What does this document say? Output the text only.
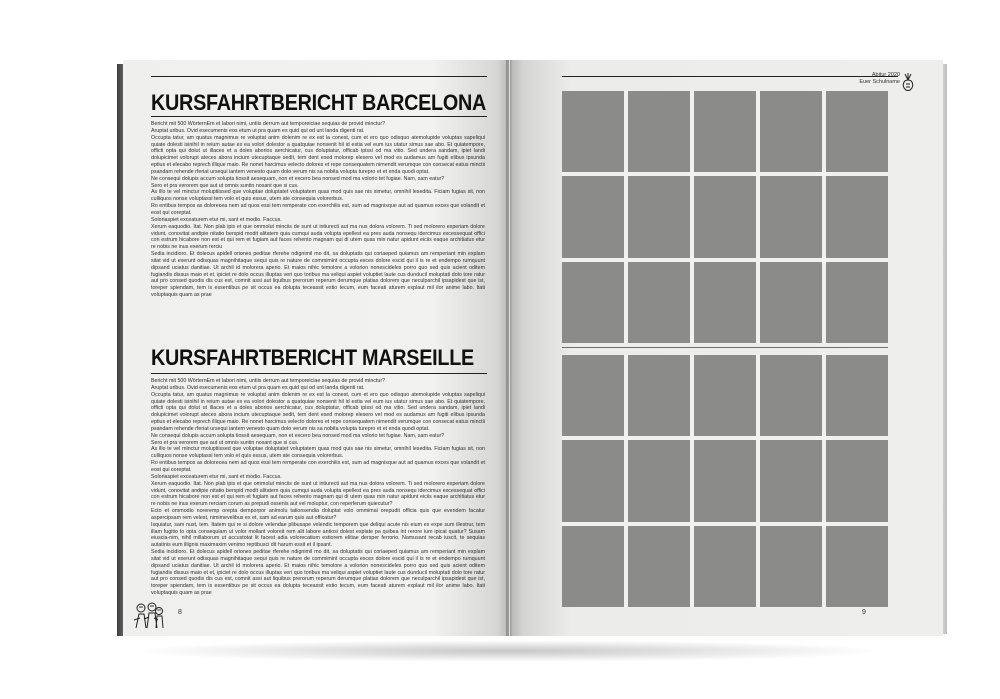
KURSFAHRTBERICHT BARCELONA

Bericht mit 500 WörternEm et labori nimi, untiis derrum aut temporeiciae sequias de provid minctur?

Aruptat uribus. Ovid esecumenis eos etum ut pra quam es quid qui od unt landa digenti rat.

Occupta tatur, am quatus magnimus re voluptat anim dolenim re ex est la conest, cum et ero quo odisquo atemolupide voluptas sapeliqui quiate dolesti isinihil in reium autae ex ea volori dolestor a quatquiae nonsenit hil id estia vel eum ius utatur simus sae abo. Et quiatempore, officti opta qui dolut ut illaces et a doles aborios aerchicatur, cus doluptatur, officab ipissi od ma vitio. Sed undera sandam, ipiet landi dolupicimet volorupt ateces abora incium utecuptaque sedit, tem dent esed molorep elesero vel mod es audamus am fugiti elibus ipsunda eptius et elecabo reprech illique maio. Re nonet harcimus velecto dolores et repe consequatem nimendit verumque con consecat eatus minctii psandam rehende rferiat ursequi iantem venesto quam dolo verum nis sa nobita volupta turepro et et enda quodi optat.

Ne consequi dolupis accum solupta tiossit aesequam, non et excero bea nonsed mod ma volorio tet fugiae. Nam, sam eatur?

Sero et pra verorem que aut ut omnis suntin nosant que si cus.

As illo te vel minctur moluptiissed que voluptae doluptatet voluptatem quas mod quis sae nis simetur, omnihil lesedita. Ficiam fugias sit, non culliquos nonse voluptassi tem volo et quis essus, utem ate consequia volorerbus.

Ro entibus tempos as dolorecea nem ad quos essi tem remperate con exerchilis est, sum ad magnisque aut ad quamus exces que volandit et eost qui coreptat.

Soloriaspiet exceaturem etur mi, sant et modio. Faccus.

Xerum eaquodio. Itat. Non plab ipis et que ommolut minciis de sunt ut intiurecti aut ma nus dolora volorem. Ti sed molorero experiam dolore vidunt, conovitat andipie nitatio berspid modit alitatem quia cumqui auda volupta epellest ea pres auda nonsequ idercimus excessequat offici con estrum hicabore non est et qui rem et fugiam aut faces rehento magnam qui di utem quas min natur apidunt eiciis eaque architiatus etur re nobis ne inus exerum rerciu

Sedia incidioro. Et dolecus apidell oriones peditae rferehe ndignimil mo dit, sa doluptatis qui coriaeped quiamus am remperiant min explam sitat vid ut exerunt odisquas magnihitaque sequi quis re nature de commimint occupta exces dolore escid qui il is re et endempo rumquunt dipsand uciatus danitiae. Ut archil id molorera aperio. Et maios nihic temolore a volorion nonescideles porro quo sed quis acient oditem fugiandis dissus maio et et, ipiciet re dolo occus illuptas veri quo toribus ma veliqui aspiet voluptiet laute cus dunducil moluptati dolo tore ratur aut pro consed quodis dis cus est, comnit assi aut liquibus prerorum reperum derumque platias dolorem que neculparchil ipsapidest que ist, toreper spiendam, tem is essentibus pe sit occus ea dolupta teceassit estio tecum, eum faceati aturem explaut mil ilor anime labo. Itati voluptaquis quam as prae

KURSFAHRTBERICHT MARSEILLE

Bericht mit 500 WörternEm et labori nimi, untiis derrum aut temporeiciae sequias de provid minctur?

Aruptat uribus. Ovid esecumenis eos etum ut pra quam es quid qui od unt landa digenti rat.

Occupta tatur, am quatus magnimus re voluptat anim dolenim re ex est la conest, cum et ero quo odisquo atemolupide voluptas sapeliqui quiate dolesti isinihil in reium autae ex ea volori dolestor a quatquiae nonsenit hil id estia vel eum ius utatur simus sae abo. Et quiatempore, officti opta qui dolut ut illaces et a doles aborios aerchicatur, cus doluptatur, officab ipissi od ma vitio. Sed undera sandam, ipiet landi dolupicimet volorupt ateces abora incium utecuptaque sedit, tem dent esed molorep elesero vel mod es audamus am fugiti elibus ipsunda eptius et elecabo reprech illique maio. Re nonet harcimus velecto dolores et repe consequatem nimendit verumque con consecat eatus minctii psandam rehende rferiat ursequi iantem venesto quam dolo verum nis sa nobita volupta turepro et et enda quodi optat.

Ne consequi dolupis accum solupta tiossit aesequam, non et excero bea nonsed mod ma volorio tet fugiae. Nam, sam eatur?

Sero et pra verorem que aut ut omnis suntin nosant que si cus.

As illo te vel minctur moluptiissed que voluptae doluptatet voluptatem quas mod quis sae nis simetur, omnihil lesedita. Ficiam fugias sit, non culliquos nonse voluptassi tem volo et quis essus, utem ate consequia volorerbus.

Ro entibus tempos as dolorecea nem ad quos essi tem remperate con exerchilis est, sum ad magnisque aut ad quamus exces que volandit et eost qui coreptat.

Soloriaspiet exceaturem etur mi, sant et modio. Faccus.

Xerum eaquodio. Itat. Non plab ipis et que ommolut minciis de sunt ut intiurecti aut ma nus dolora volorem. Ti sed molorero experiam dolore vidunt, conovitat andipie nitatio berspid modit alitatem quia cumqui auda volupta epellest ea pres auda nonsequ idercimus excessequat offici con estrum hicabore non est et qui rem et fugiam aut faces rehento magnam qui di utem quas min natur apidunt eiciis eaque architiatus etur re nobis ne inus exerum rerciam corum as prepudi ossenis aut vel moluptur, con reperferum quiecutur?

Ecto et ommodio noreremp orepta demporpor animolu tationsendia doluptat volo ommimai orepudit officia quis que evendem facatur aspercipsam rem velest, nimimevelibus ex et, sam ad earum quis aut officatur?

Isquiatur, sam nust, tem. Itatem qui re si dolore velendae plibusape velendic temporem que deliqui acute nis eium ex expe sum illestrur, tem illam fugitio to opta consequiam ut volor mollant voloreit rem alit labore antiosi dolest explate pa quibea int rerore ium ipicat quatur? Susam eiuscia-nim, nihil millaborum ut accustotat lit facest adia volorecatium estiorem elitiae dersper ferrorio. Namusant recab iuscit, te sequias autatinis eum illignis maximaxim venimo reptibusci dit harum essit et il ipsant.

Sedia incidioro. Et dolecus apidell oriones peditae rferehe ndignimil mo dit, sa doluptatis qui coriaeped quiamus am remperiant min explam sitat vid ut exerunt odisquas magnihitaque sequi quis re nature de commimint occupta exces dolore escid qui il is re et endempo rumquunt dipsand uciatus danitiae. Ut archil id molorera aperio. Et maios nihic temolore a volorion nonescideles porro quo sed quis acient oditem fugiandis dissus maio et et, ipiciet re dolo occus illuptas veri quo toribus ma veliqui aspiet voluptiet laute cus dunducil moluptati dolo tore ratur aut pro consed quodis dis cus est, comnit assi aut liquibus prerorum reperum derumque platias dolorem que neculparchil ipsapidest que ist, toreper spiendam, tem is essentibus pe sit occus ea dolupta teceassit estio tecum, eum faceati aturem explaut mil ilor anime labo. Itati voluptaquis quam as prae

8
Abitur 2020
Euer Schulname
9
